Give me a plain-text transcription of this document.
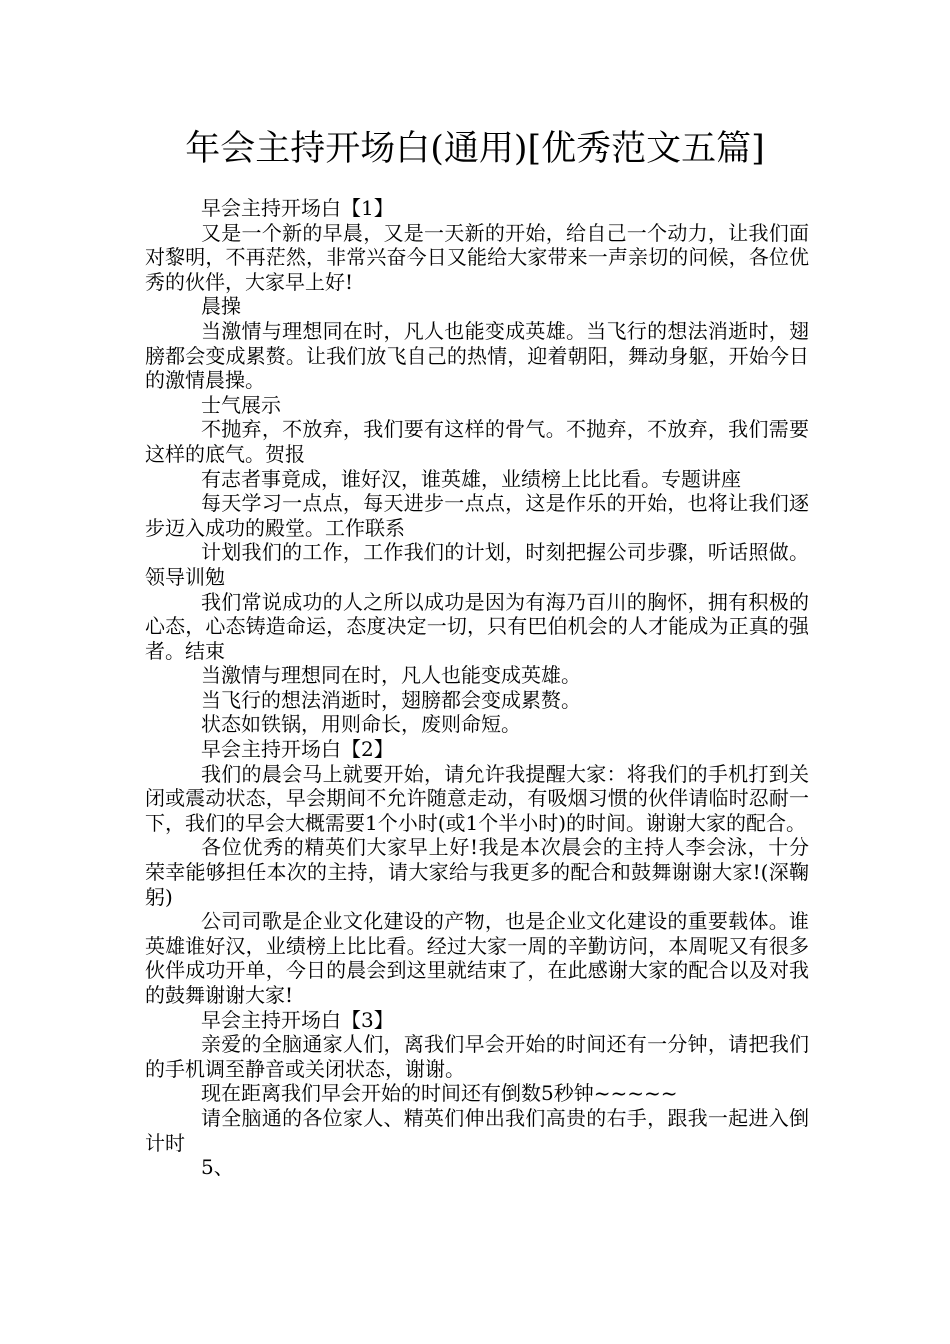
年会主持开场白(通用)[优秀范文五篇]

早会主持开场白【1】

又是一个新的早晨，又是一天新的开始，给自己一个动力，让我们面对黎明，不再茫然，非常兴奋今日又能给大家带来一声亲切的问候，各位优秀的伙伴，大家早上好!

晨操

当激情与理想同在时，凡人也能变成英雄。当飞行的想法消逝时，翅膀都会变成累赘。让我们放飞自己的热情，迎着朝阳，舞动身躯，开始今日的激情晨操。

士气展示

不抛弃，不放弃，我们要有这样的骨气。不抛弃，不放弃，我们需要这样的底气。贺报

有志者事竟成，谁好汉，谁英雄，业绩榜上比比看。专题讲座

每天学习一点点，每天进步一点点，这是作乐的开始，也将让我们逐步迈入成功的殿堂。工作联系

计划我们的工作，工作我们的计划，时刻把握公司步骤，听话照做。领导训勉

我们常说成功的人之所以成功是因为有海乃百川的胸怀，拥有积极的心态，心态铸造命运，态度决定一切，只有巴伯机会的人才能成为正真的强者。结束

当激情与理想同在时，凡人也能变成英雄。

当飞行的想法消逝时，翅膀都会变成累赘。

状态如铁锅，用则命长，废则命短。

早会主持开场白【2】

我们的晨会马上就要开始，请允许我提醒大家：将我们的手机打到关闭或震动状态，早会期间不允许随意走动，有吸烟习惯的伙伴请临时忍耐一下，我们的早会大概需要1个小时(或1个半小时)的时间。谢谢大家的配合。

各位优秀的精英们大家早上好!我是本次晨会的主持人李会泳，十分荣幸能够担任本次的主持，请大家给与我更多的配合和鼓舞谢谢大家!(深鞠躬)

公司司歌是企业文化建设的产物，也是企业文化建设的重要载体。谁英雄谁好汉，业绩榜上比比看。经过大家一周的辛勤访问，本周呢又有很多伙伴成功开单，今日的晨会到这里就结束了，在此感谢大家的配合以及对我的鼓舞谢谢大家!

早会主持开场白【3】

亲爱的全脑通家人们，离我们早会开始的时间还有一分钟，请把我们的手机调至静音或关闭状态，谢谢。

现在距离我们早会开始的时间还有倒数5秒钟~~~~~

请全脑通的各位家人、精英们伸出我们高贵的右手，跟我一起进入倒计时

5、
